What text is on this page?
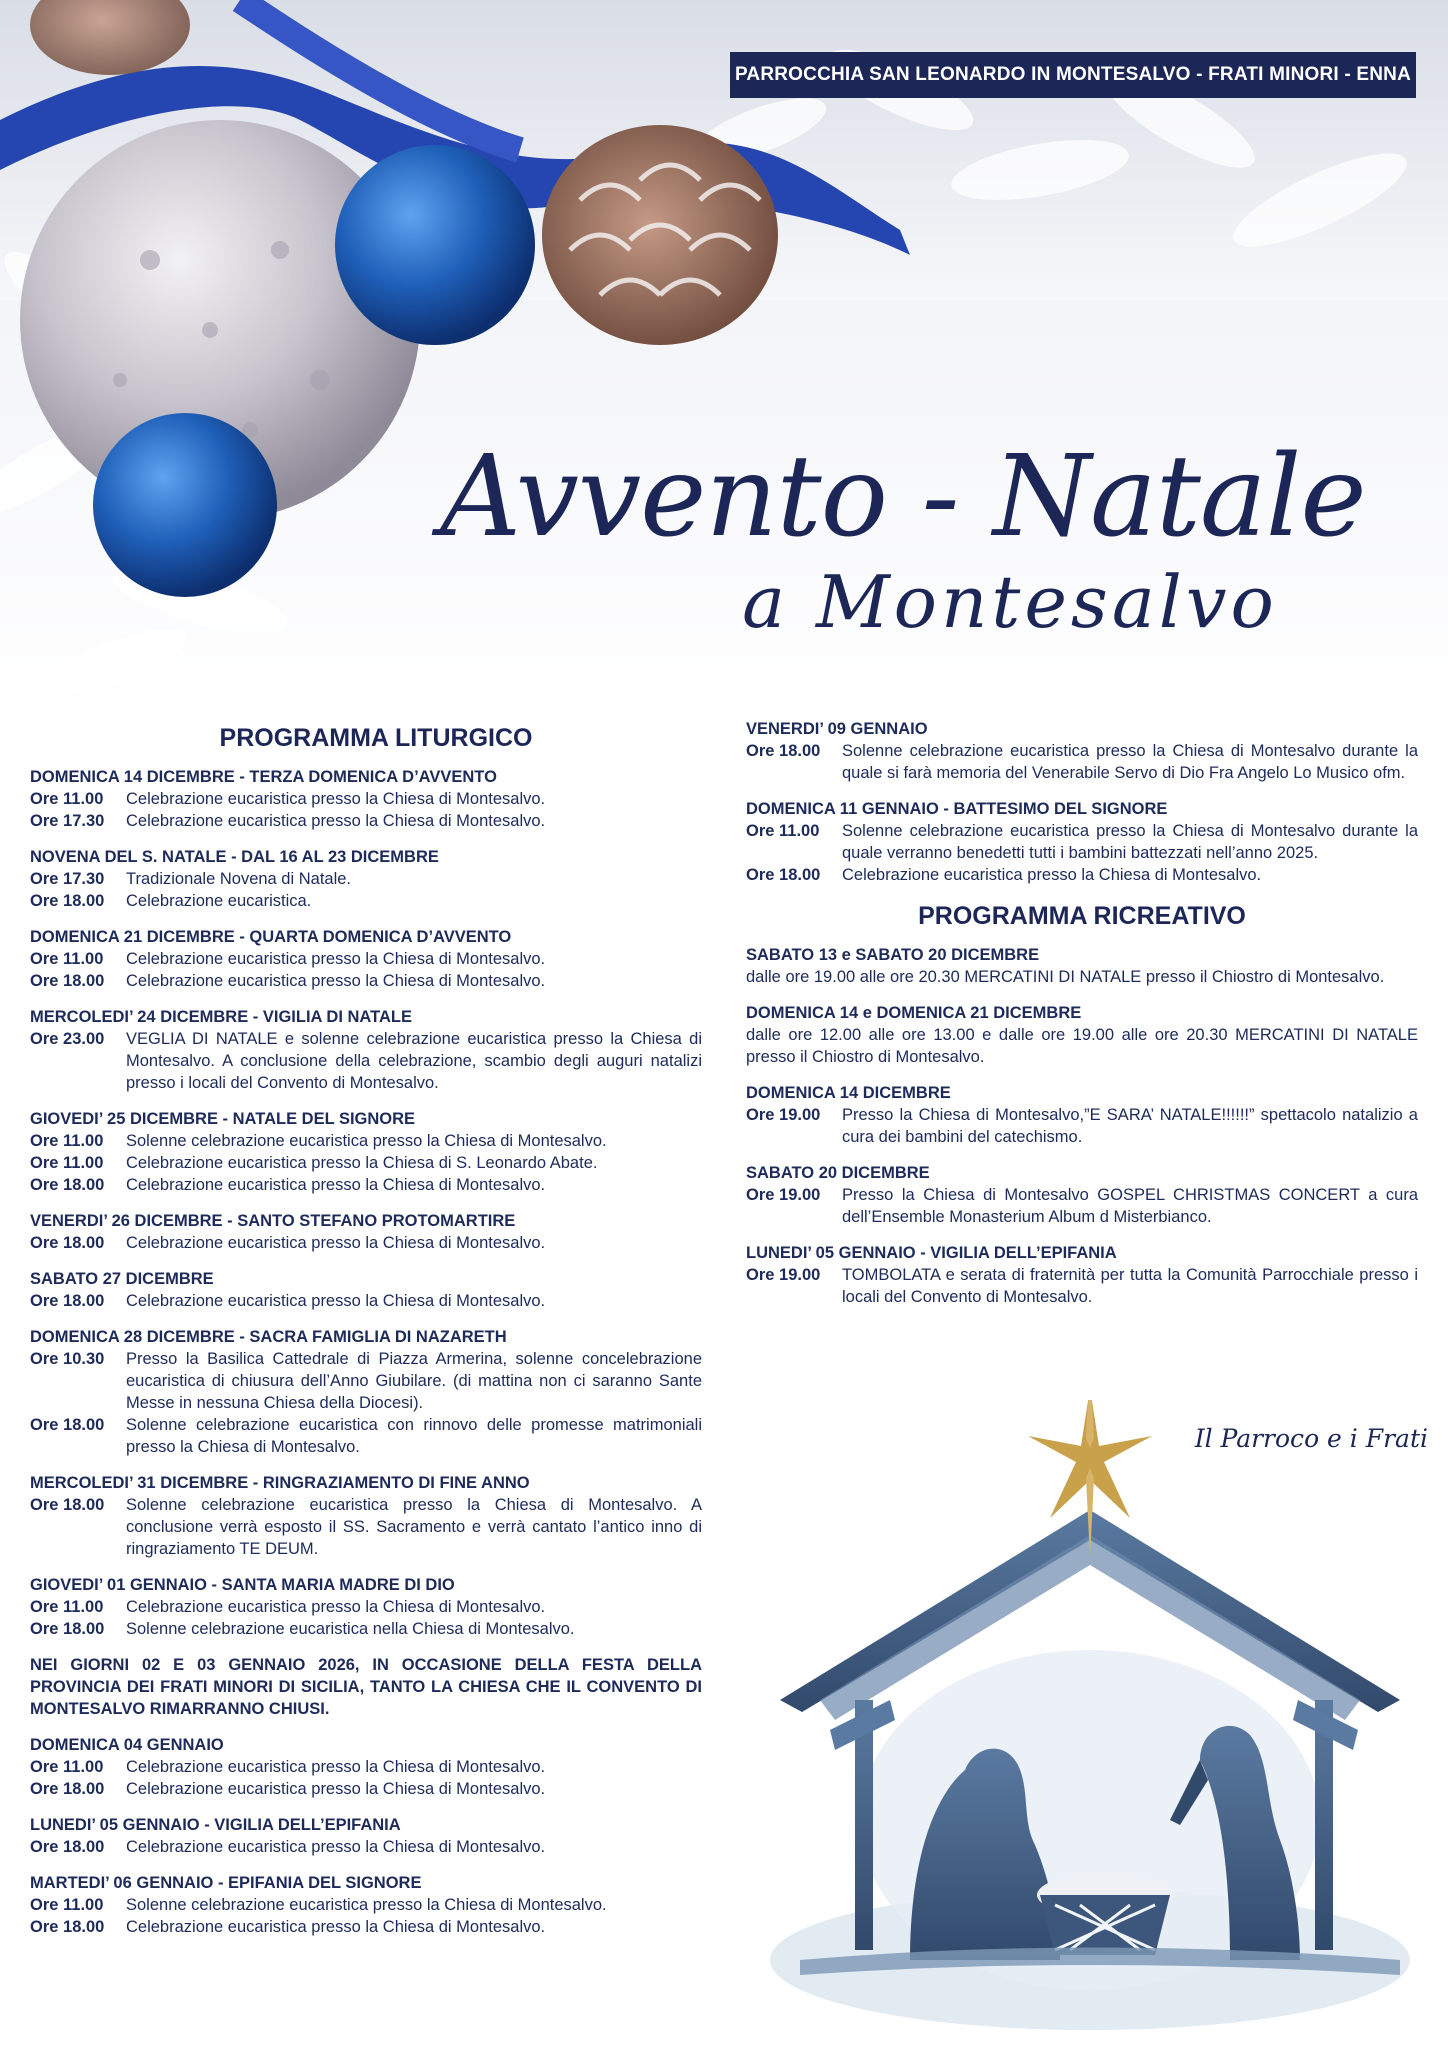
PARROCCHIA SAN LEONARDO IN MONTESALVO - FRATI MINORI - ENNA
Avvento - Natale
a Montesalvo
PROGRAMMA LITURGICO
DOMENICA 14 DICEMBRE - TERZA DOMENICA D’AVVENTO
Ore 11.00	Celebrazione eucaristica presso la Chiesa di Montesalvo.
Ore 17.30	Celebrazione eucaristica presso la Chiesa di Montesalvo.
NOVENA DEL S. NATALE - DAL 16 AL 23 DICEMBRE
Ore 17.30	Tradizionale Novena di Natale.
Ore 18.00	Celebrazione eucaristica.
DOMENICA 21 DICEMBRE - QUARTA DOMENICA D’AVVENTO
Ore 11.00	Celebrazione eucaristica presso la Chiesa di Montesalvo.
Ore 18.00	Celebrazione eucaristica presso la Chiesa di Montesalvo.
MERCOLEDI’ 24 DICEMBRE - VIGILIA DI NATALE
Ore 23.00	VEGLIA DI NATALE e solenne celebrazione eucaristica presso la Chiesa di Montesalvo. A conclusione della celebrazione, scambio degli auguri natalizi presso i locali del Convento di Montesalvo.
GIOVEDI’ 25 DICEMBRE - NATALE DEL SIGNORE
Ore 11.00	Solenne celebrazione eucaristica presso la Chiesa di Montesalvo.
Ore 11.00	Celebrazione eucaristica presso la Chiesa di S. Leonardo Abate.
Ore 18.00	Celebrazione eucaristica presso la Chiesa di Montesalvo.
VENERDI’ 26 DICEMBRE - SANTO STEFANO PROTOMARTIRE
Ore 18.00	Celebrazione eucaristica presso la Chiesa di Montesalvo.
SABATO 27 DICEMBRE
Ore 18.00	Celebrazione eucaristica presso la Chiesa di Montesalvo.
DOMENICA 28 DICEMBRE - SACRA FAMIGLIA DI NAZARETH
Ore 10.30	Presso la Basilica Cattedrale di Piazza Armerina, solenne concelebrazione eucaristica di chiusura dell’Anno Giubilare. (di mattina non ci saranno Sante Messe in nessuna Chiesa della Diocesi).
Ore 18.00	Solenne celebrazione eucaristica con rinnovo delle promesse matrimoniali presso la Chiesa di Montesalvo.
MERCOLEDI’ 31 DICEMBRE - RINGRAZIAMENTO DI FINE ANNO
Ore 18.00	Solenne celebrazione eucaristica presso la Chiesa di Montesalvo. A conclusione verrà esposto il SS. Sacramento e verrà cantato l’antico inno di ringraziamento TE DEUM.
GIOVEDI’ 01 GENNAIO - SANTA MARIA MADRE DI DIO
Ore 11.00	Celebrazione eucaristica presso la Chiesa di Montesalvo.
Ore 18.00	Solenne celebrazione eucaristica nella Chiesa di Montesalvo.
NEI GIORNI 02 E 03 GENNAIO 2026, IN OCCASIONE DELLA FESTA DELLA PROVINCIA DEI FRATI MINORI DI SICILIA, TANTO LA CHIESA CHE IL CONVENTO DI MONTESALVO RIMARRANNO CHIUSI.
DOMENICA 04 GENNAIO
Ore 11.00	Celebrazione eucaristica presso la Chiesa di Montesalvo.
Ore 18.00	Celebrazione eucaristica presso la Chiesa di Montesalvo.
LUNEDI’ 05 GENNAIO - VIGILIA DELL’EPIFANIA
Ore 18.00	Celebrazione eucaristica presso la Chiesa di Montesalvo.
MARTEDI’ 06 GENNAIO - EPIFANIA DEL SIGNORE
Ore 11.00	Solenne celebrazione eucaristica presso la Chiesa di Montesalvo.
Ore 18.00	Celebrazione eucaristica presso la Chiesa di Montesalvo.
VENERDI’ 09 GENNAIO
Ore 18.00	Solenne celebrazione eucaristica presso la Chiesa di Montesalvo durante la quale si farà memoria del Venerabile Servo di Dio Fra Angelo Lo Musico ofm.
DOMENICA 11 GENNAIO - BATTESIMO DEL SIGNORE
Ore 11.00	Solenne celebrazione eucaristica presso la Chiesa di Montesalvo durante la quale verranno benedetti tutti i bambini battezzati nell’anno 2025.
Ore 18.00	Celebrazione eucaristica presso la Chiesa di Montesalvo.
PROGRAMMA RICREATIVO
SABATO 13 e SABATO 20 DICEMBRE
dalle ore 19.00 alle ore 20.30 MERCATINI DI NATALE presso il Chiostro di Montesalvo.
DOMENICA 14 e DOMENICA 21 DICEMBRE
dalle ore 12.00 alle ore 13.00 e dalle ore 19.00 alle ore 20.30 MERCATINI DI NATALE presso il Chiostro di Montesalvo.
DOMENICA 14 DICEMBRE
Ore 19.00	Presso la Chiesa di Montesalvo,”E SARA’ NATALE!!!!!!” spettacolo natalizio a cura dei bambini del catechismo.
SABATO 20 DICEMBRE
Ore 19.00	Presso la Chiesa di Montesalvo GOSPEL CHRISTMAS CONCERT a cura dell’Ensemble Monasterium Album d Misterbianco.
LUNEDI’ 05 GENNAIO - VIGILIA DELL’EPIFANIA
Ore 19.00	TOMBOLATA e serata di fraternità per tutta la Comunità Parrocchiale presso i locali del Convento di Montesalvo.
Il Parroco e i Frati
